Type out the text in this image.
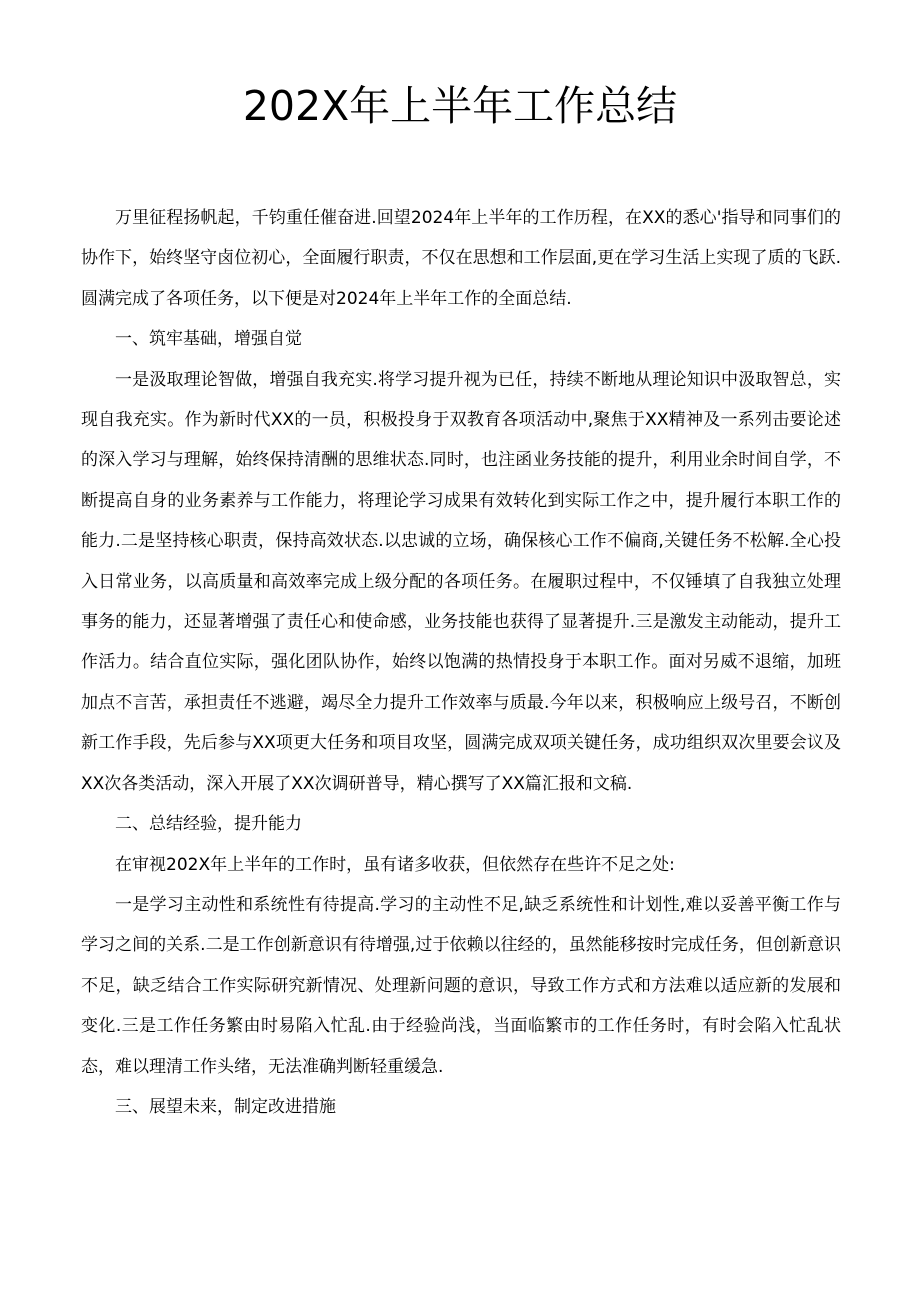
202X年上半年工作总结

万里征程扬帆起，千钧重任催奋进.回望2024年上半年的工作历程，在XX的悉心'指导和同事们的协作下，始终坚守卤位初心，全面履行职责，不仅在思想和工作层面,更在学习生活上实现了质的飞跃.圆满完成了各项任务，以下便是对2024年上半年工作的全面总结.

一、筑牢基础，增强自觉

一是汲取理论智做，增强自我充实.将学习提升视为已任，持续不断地从理论知识中汲取智总，实现自我充实。作为新时代XX的一员，积极投身于双教育各项活动中,聚焦于XX精神及一系列击要论述的深入学习与理解，始终保持清酬的思维状态.同时，也注函业务技能的提升，利用业余时间自学，不断提高自身的业务素养与工作能力，将理论学习成果有效转化到实际工作之中，提升履行本职工作的能力.二是坚持核心职责，保持高效状态.以忠诚的立场，确保核心工作不偏商,关键任务不松解.全心投入日常业务，以高质量和高效率完成上级分配的各项任务。在履职过程中，不仅锤填了自我独立处理事务的能力，还显著增强了责任心和使命感，业务技能也获得了显著提升.三是激发主动能动，提升工作活力。结合直位实际，强化团队协作，始终以饱满的热情投身于本职工作。面对另威不退缩，加班加点不言苦，承担责任不逃避，竭尽全力提升工作效率与质最.今年以来，积极响应上级号召，不断创新工作手段，先后参与XX项更大任务和项目攻坚，圆满完成双项关键任务，成功组织双次里要会议及XX次各类活动，深入开展了XX次调研普导，精心撰写了XX篇汇报和文稿.

二、总结经验，提升能力

在审视202X年上半年的工作时，虽有诸多收获，但依然存在些许不足之处:

一是学习主动性和系统性有待提高.学习的主动性不足,缺乏系统性和计划性,难以妥善平衡工作与学习之间的关系.二是工作创新意识有待增强,过于依赖以往经的，虽然能移按时完成任务，但创新意识不足，缺乏结合工作实际研究新情况、处理新问题的意识，导致工作方式和方法难以适应新的发展和变化.三是工作任务繁由时易陷入忙乱.由于经验尚浅，当面临繁市的工作任务时，有时会陷入忙乱状态，难以理清工作头绪，无法准确判断轻重缓急.

三、展望未来，制定改进措施
